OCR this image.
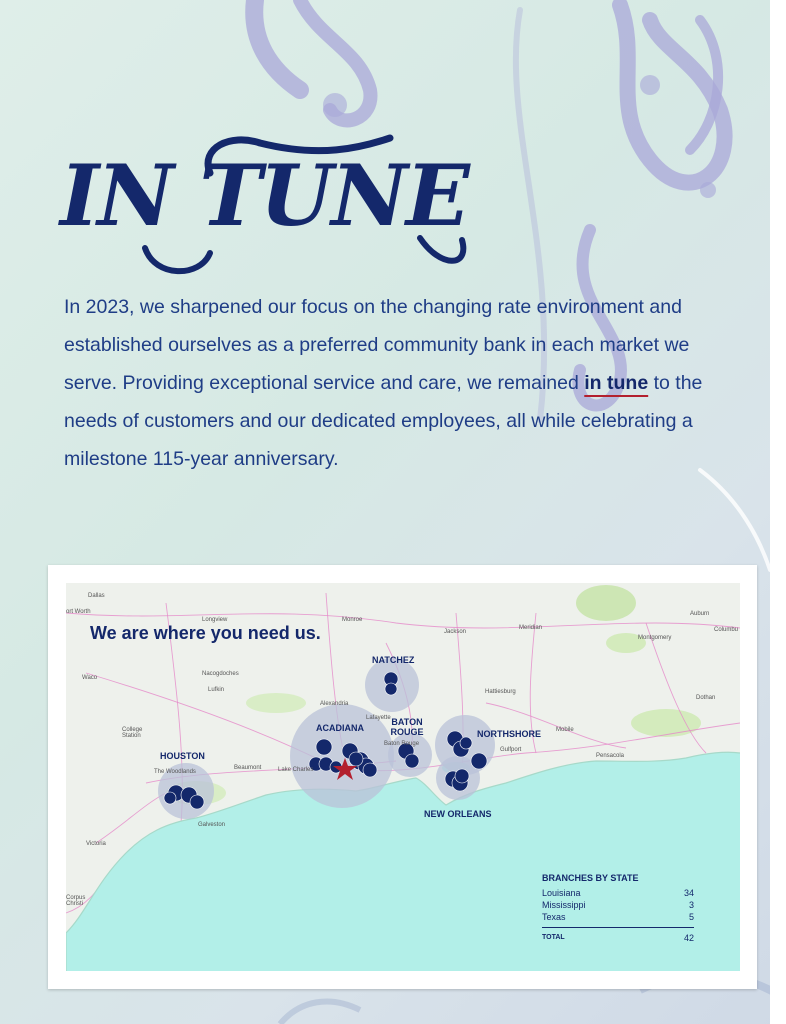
IN TUNE

In 2023, we sharpened our focus on the changing rate environment and established ourselves as a preferred community bank in each market we serve. Providing exceptional service and care, we remained in tune to the needs of customers and our dedicated employees, all while celebrating a milestone 115-year anniversary.

We are where you need us.
NATCHEZ
ACADIANA
BATON ROUGE	NORTHSHORE
HOUSTON
NEW ORLEANS
Dallas
ort Worth
Longview
Waco
Nacogdoches
Lufkin
College Station
The Woodlands
Galveston
Victoria
Corpus Christi
Beaumont	Lake Charles
Alexandria
Monroe
Jackson
Meridian
Hattiesburg
Mobile
Pensacola
Gulfport
Montgomery
Auburn
Columbu
Dothan
Baton Rouge
Lafayette
BRANCHES BY STATE
Louisiana	34
Mississippi	3
Texas	5
TOTAL	42
